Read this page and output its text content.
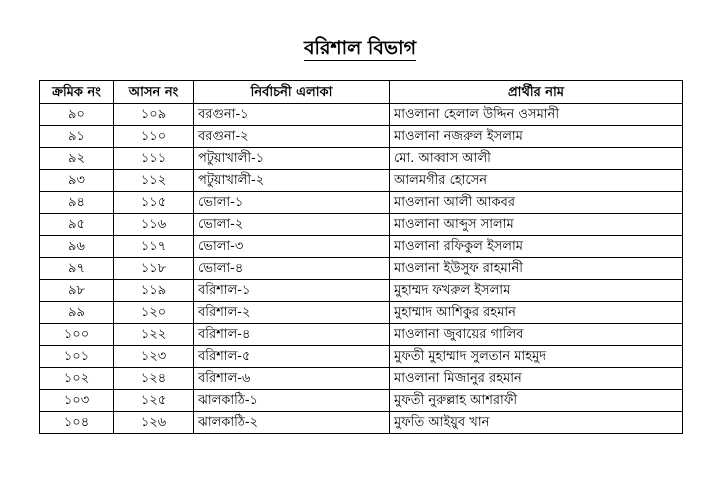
বরিশাল বিভাগ
ক্রমিক নং	আসন নং	নির্বাচনী এলাকা	প্রার্থীর নাম
৯০	১০৯	বরগুনা-১	মাওলানা হেলাল উদ্দিন ওসমানী
৯১	১১০	বরগুনা-২	মাওলানা নজরুল ইসলাম
৯২	১১১	পটুয়াখালী-১	মো. আব্বাস আলী
৯৩	১১২	পটুয়াখালী-২	আলমগীর হোসেন
৯৪	১১৫	ভোলা-১	মাওলানা আলী আকবর
৯৫	১১৬	ভোলা-২	মাওলানা আব্দুস সালাম
৯৬	১১৭	ভোলা-৩	মাওলানা রফিকুল ইসলাম
৯৭	১১৮	ভোলা-৪	মাওলানা ইউসুফ রাহমানী
৯৮	১১৯	বরিশাল-১	মুহাম্মদ ফখরুল ইসলাম
৯৯	১২০	বরিশাল-২	মুহাম্মাদ আশিকুর রহমান
১০০	১২২	বরিশাল-৪	মাওলানা জুবায়ের গালিব
১০১	১২৩	বরিশাল-৫	মুফতী মুহাম্মাদ সুলতান মাহমুদ
১০২	১২৪	বরিশাল-৬	মাওলানা মিজানুর রহমান
১০৩	১২৫	ঝালকাঠি-১	মুফতী নুরুল্লাহ আশরাফী
১০৪	১২৬	ঝালকাঠি-২	মুফতি আইয়ুব খান
